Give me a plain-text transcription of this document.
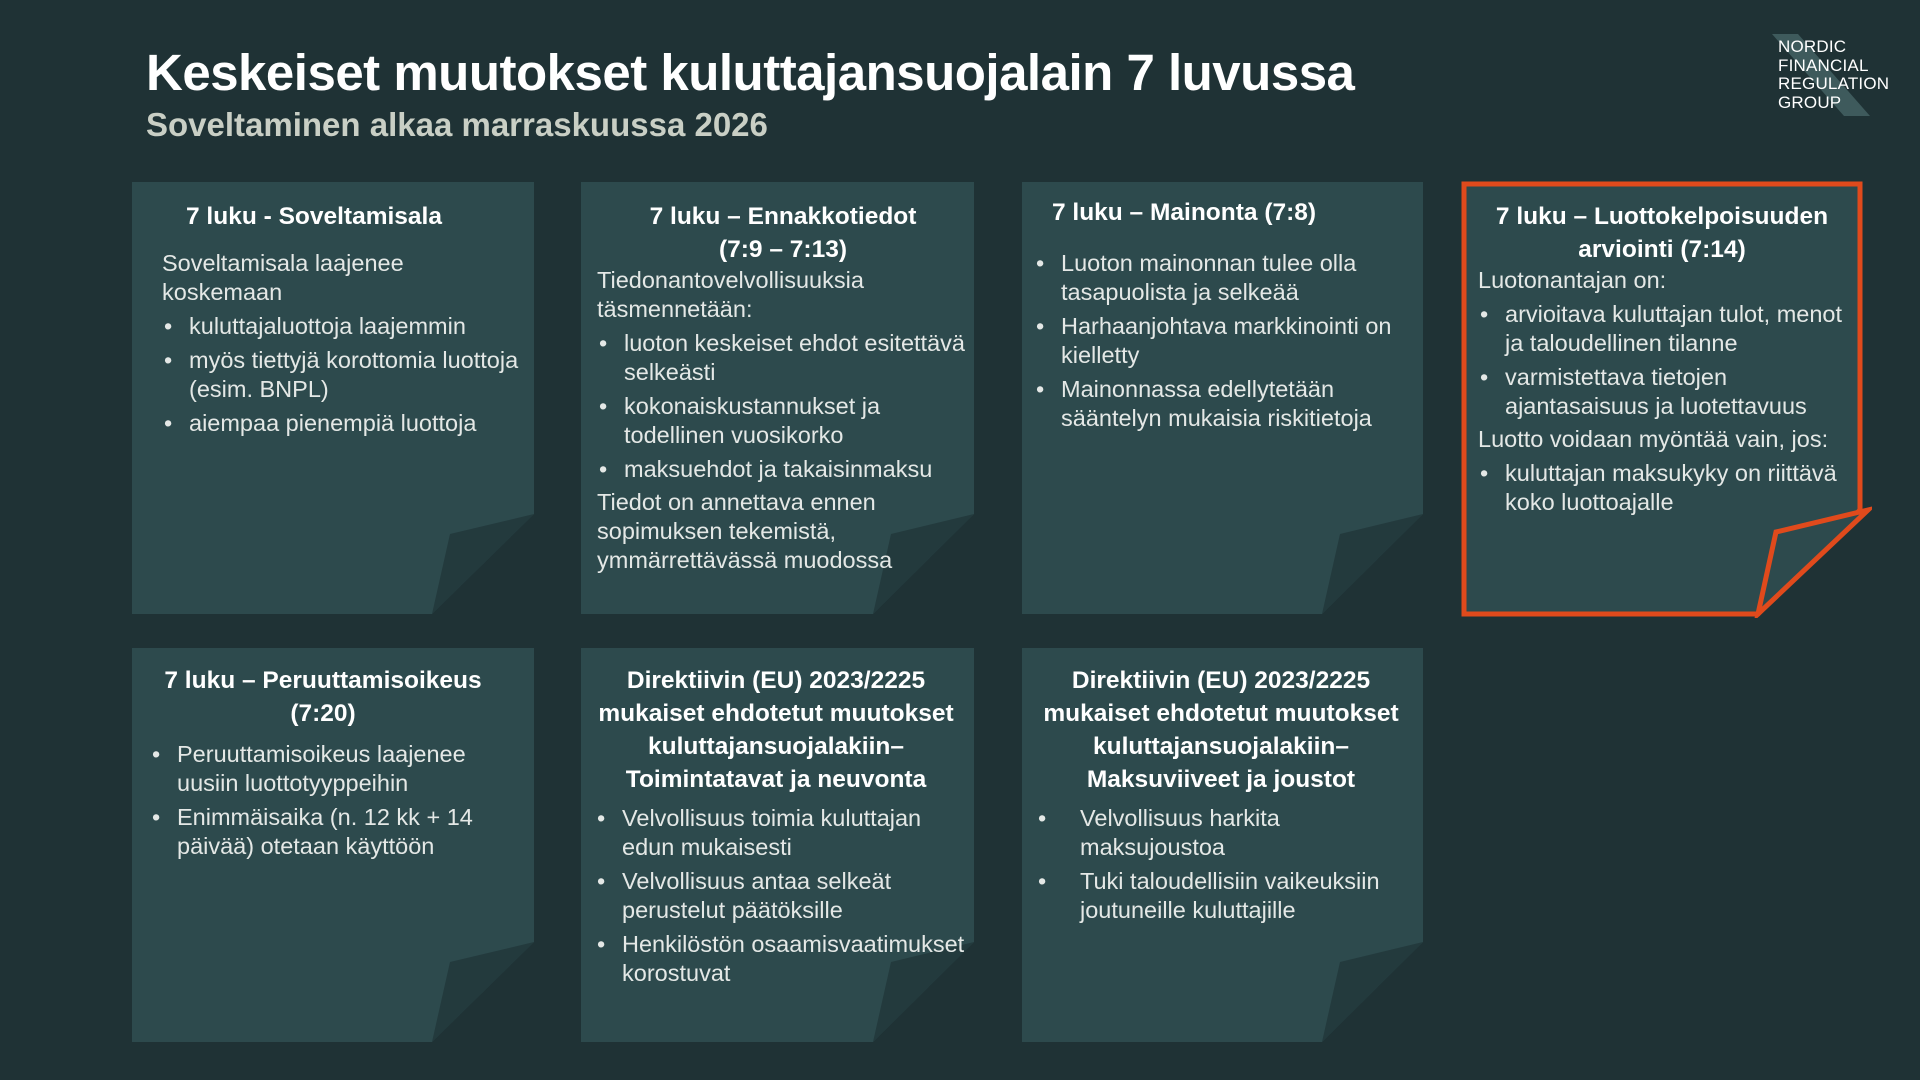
Keskeiset muutokset kuluttajansuojalain 7 luvussa
Soveltaminen alkaa marraskuussa 2026
NORDIC
FINANCIAL
REGULATION
GROUP
7 luku - Soveltamisala

Soveltamisala laajenee koskemaan

• kuluttajaluottoja laajemmin
• myös tiettyjä korottomia luottoja (esim. BNPL)
• aiempaa pienempiä luottoja
7 luku – Ennakkotiedot (7:9 – 7:13)

Tiedonantovelvollisuuksia täsmennetään:

• luoton keskeiset ehdot esitettävä selkeästi
• kokonaiskustannukset ja todellinen vuosikorko
• maksuehdot ja takaisinmaksu

Tiedot on annettava ennen sopimuksen tekemistä, ymmärrettävässä muodossa

7 luku – Mainonta (7:8)
• Luoton mainonnan tulee olla tasapuolista ja selkeää
• Harhaanjohtava markkinointi on kielletty
• Mainonnassa edellytetään sääntelyn mukaisia riskitietoja
7 luku – Luottokelpoisuuden arviointi (7:14)

Luotonantajan on:

• arvioitava kuluttajan tulot, menot ja taloudellinen tilanne
• varmistettava tietojen ajantasaisuus ja luotettavuus

Luotto voidaan myöntää vain, jos:

• kuluttajan maksukyky on riittävä koko luottoajalle
7 luku – Peruuttamisoikeus (7:20)
• Peruuttamisoikeus laajenee uusiin luottotyyppeihin
• Enimmäisaika (n. 12 kk + 14 päivää) otetaan käyttöön
Direktiivin (EU) 2023/2225 mukaiset ehdotetut muutokset kuluttajansuojalakiin– Toimintatavat ja neuvonta
• Velvollisuus toimia kuluttajan edun mukaisesti
• Velvollisuus antaa selkeät perustelut päätöksille
• Henkilöstön osaamisvaatimukset korostuvat
Direktiivin (EU) 2023/2225 mukaiset ehdotetut muutokset kuluttajansuojalakiin– Maksuviiveet ja joustot
• Velvollisuus harkita maksujoustoa
• Tuki taloudellisiin vaikeuksiin joutuneille kuluttajille
